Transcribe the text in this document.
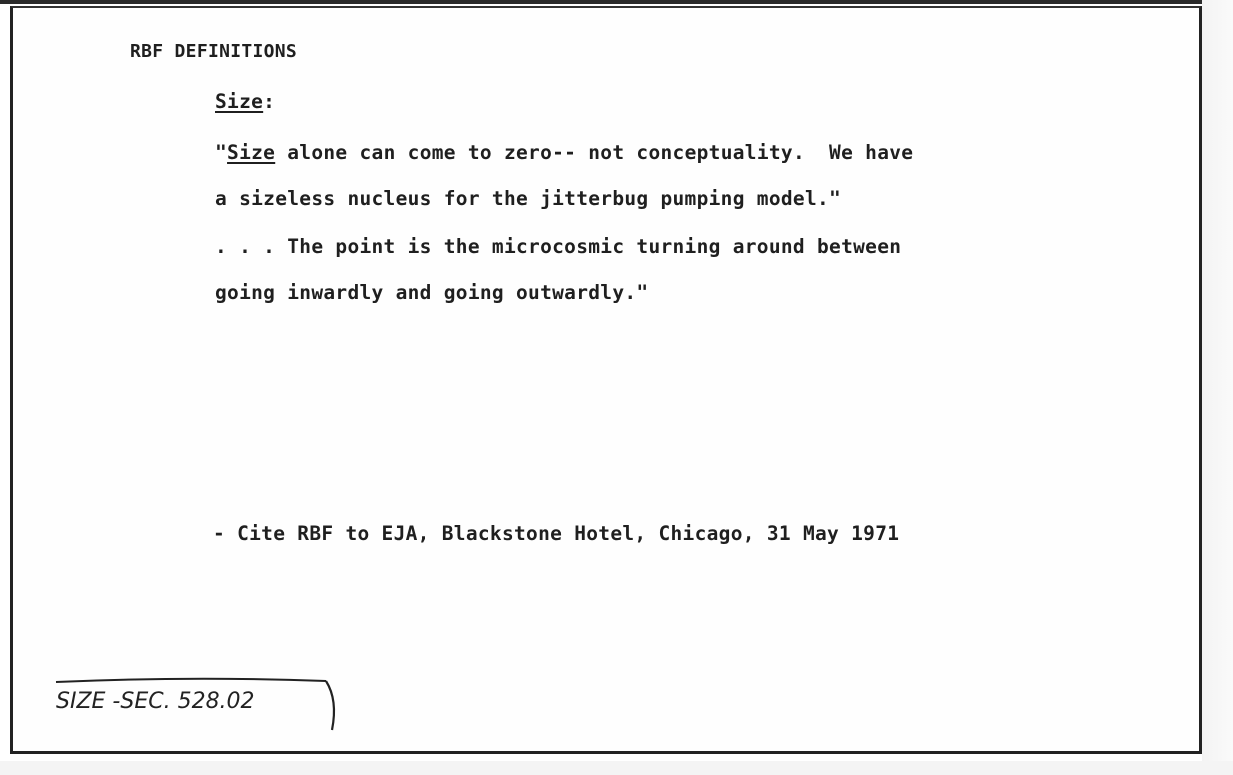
RBF DEFINITIONS
Size:
"Size alone can come to zero-- not conceptuality.  We have
a sizeless nucleus for the jitterbug pumping model."
. . . The point is the microcosmic turning around between
going inwardly and going outwardly."
- Cite RBF to EJA, Blackstone Hotel, Chicago, 31 May 1971
SIZE -SEC. 528.02
